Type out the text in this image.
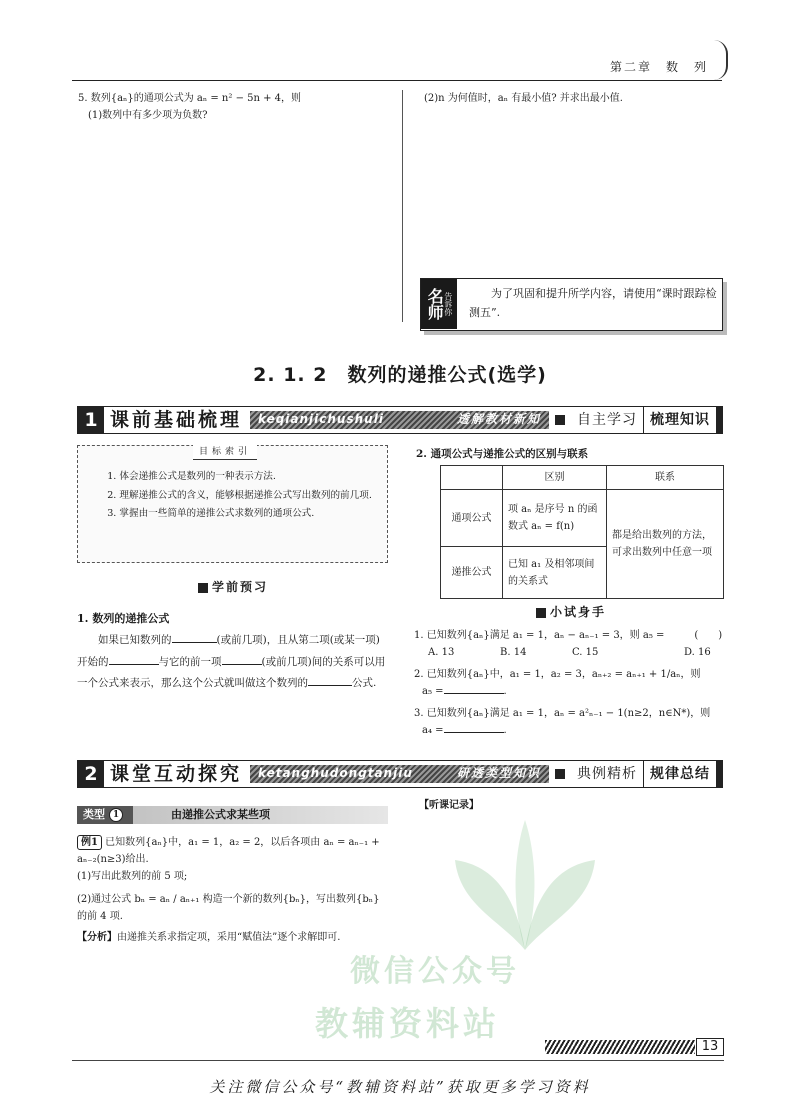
第二章　数　列
5. 数列{aₙ}的通项公式为 aₙ = n² − 5n + 4，则
(1)数列中有多少项为负数?
(2)n 为何值时，aₙ 有最小值? 并求出最小值.
名师 告诉你	为了巩固和提升所学内容，请使用“课时跟踪检测五”.
2. 1. 2　数列的递推公式(选学)
1 课前基础梳理	keqianjichushuli	透解教材新知	自主学习 梳理知识
目标索引

1. 体会递推公式是数列的一种表示方法.

2. 理解递推公式的含义，能够根据递推公式写出数列的前几项.

3. 掌握由一些简单的递推公式求数列的通项公式.

学前预习
1. 数列的递推公式
如果已知数列的	(或前几项)，且从第二项(或某一项)开始的	与它的前一项	(或前几项)间的关系可以用一个公式来表示，那么这个公式就叫做这个数列的	公式.
2. 通项公式与递推公式的区别与联系
	区别	联系
通项公式	项 aₙ 是序号 n 的函数式 aₙ = f(n)	都是给出数列的方法，可求出数列中任意一项
递推公式	已知 a₁ 及相邻项间的关系式	
小试身手
1. 已知数列{aₙ}满足 a₁ = 1，aₙ − aₙ₋₁ = 3，则 a₅ =　　　(　　)
A. 13	B. 14	C. 15	D. 16
2. 已知数列{aₙ}中，a₁ = 1，a₂ = 3，aₙ₊₂ = aₙ₊₁ + 1/aₙ，则
a₅ =	.
3. 已知数列{aₙ}满足 a₁ = 1，aₙ = a²ₙ₋₁ − 1(n≥2，n∈N*)，则
a₄ =	.
2 课堂互动探究	ketanghudongtanjiu	研透类型知识	典例精析 规律总结
类型 1	由递推公式求某些项
例1 已知数列{aₙ}中，a₁ = 1，a₂ = 2，以后各项由 aₙ = aₙ₋₁ + aₙ₋₂(n≥3)给出.
(1)写出此数列的前 5 项;
(2)通过公式 bₙ = aₙ / aₙ₊₁ 构造一个新的数列{bₙ}，写出数列{bₙ}的前 4 项.
【分析】由递推关系求指定项，采用“赋值法”逐个求解即可.
【听课记录】
微信公众号
教辅资料站
13
关注微信公众号“教辅资料站”获取更多学习资料
